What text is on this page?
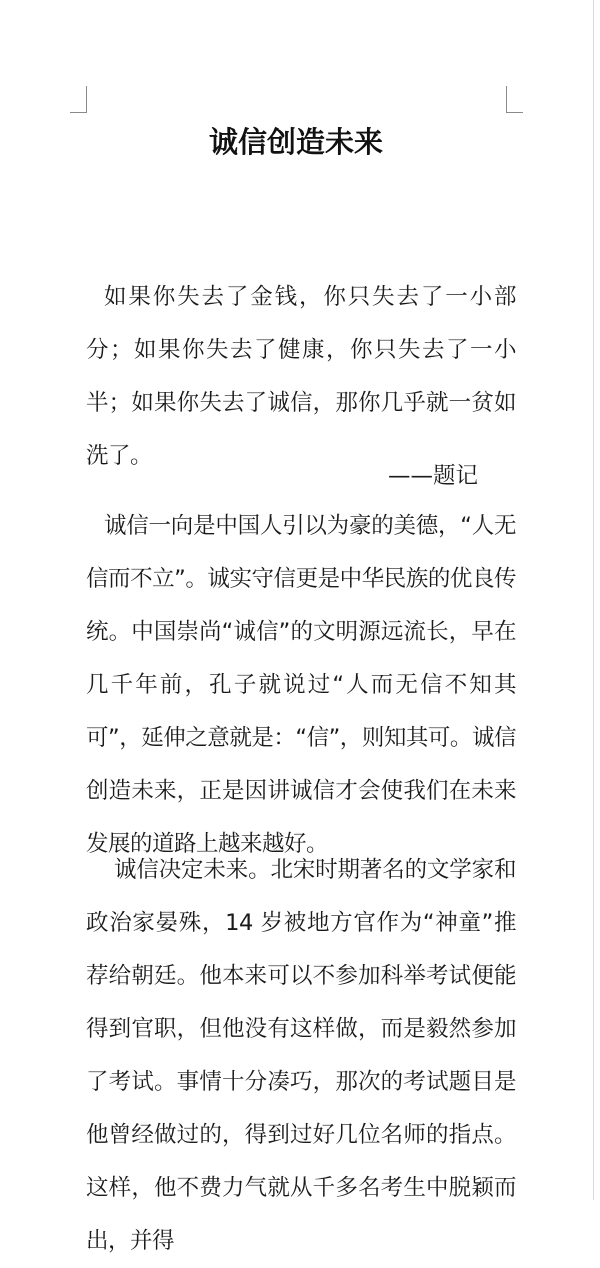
诚信创造未来

如果你失去了金钱，你只失去了一小部分；如果你失去了健康，你只失去了一小半；如果你失去了诚信，那你几乎就一贫如洗了。

——题记

诚信一向是中国人引以为豪的美德，“人无信而不立”。诚实守信更是中华民族的优良传统。中国崇尚“诚信”的文明源远流长，早在几千年前，孔子就说过“人而无信不知其可”，延伸之意就是：“信”，则知其可。诚信创造未来，正是因讲诚信才会使我们在未来发展的道路上越来越好。

诚信决定未来。北宋时期著名的文学家和政治家晏殊，14 岁被地方官作为“神童”推荐给朝廷。他本来可以不参加科举考试便能得到官职，但他没有这样做，而是毅然参加了考试。事情十分凑巧，那次的考试题目是他曾经做过的，得到过好几位名师的指点。这样，他不费力气就从千多名考生中脱颖而出，并得
